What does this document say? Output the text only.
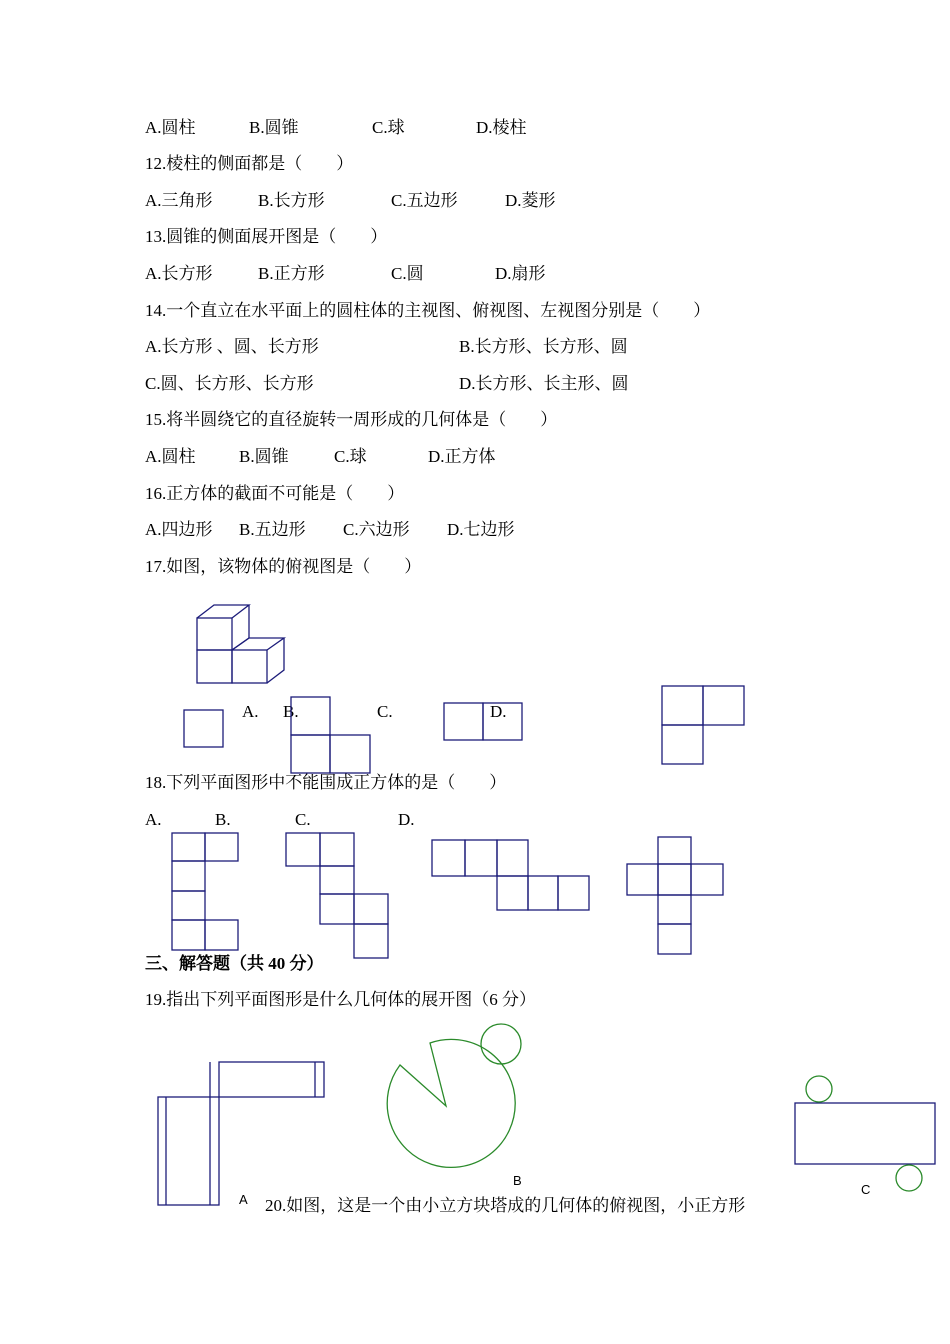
A.圆柱	B.圆锥	C.球	D.棱柱
12.棱柱的侧面都是（　　）
A.三角形	B.长方形	C.五边形	D.菱形
13.圆锥的侧面展开图是（　　）
A.长方形	B.正方形	C.圆	D.扇形
14.一个直立在水平面上的圆柱体的主视图、俯视图、左视图分别是（　　）
A.长方形 、圆、长方形	B.长方形、长方形、圆
C.圆、长方形、长方形	D.长方形、长主形、圆
15.将半圆绕它的直径旋转一周形成的几何体是（　　）
A.圆柱	B.圆锥	C.球	D.正方体
16.正方体的截面不可能是（　　）
A.四边形 B.五边形 C.六边形 D.七边形
17.如图，该物体的俯视图是（　　）
A. B.	C.	D.
18.下列平面图形中不能围成正方体的是（　　）
A.	B.	C.	D.
三、解答题（共 40 分）
19.指出下列平面图形是什么几何体的展开图（6 分）
A
B
C
20.如图，这是一个由小立方块塔成的几何体的俯视图，小正方形
